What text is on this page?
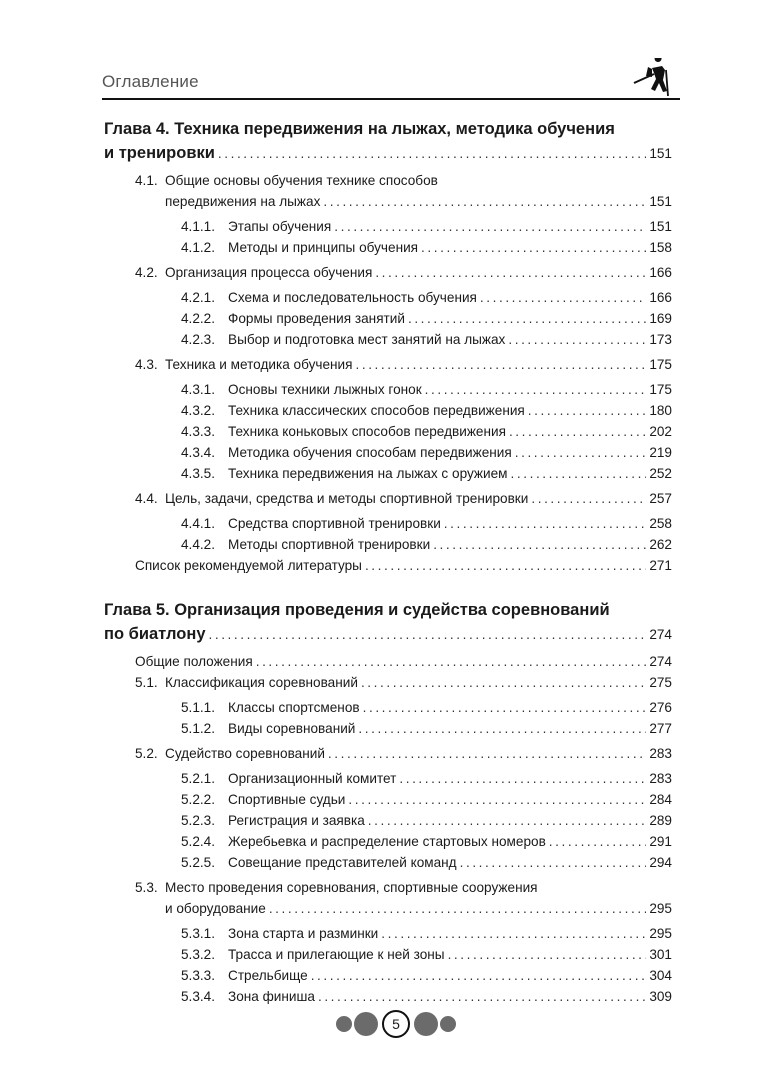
Оглавление
Глава 4. Техника передвижения на лыжах, методика обучения
и тренировки . . .	151
4.1. Общие основы обучения технике способов
передвижения на лыжах . . .	151
4.1.1. Этапы обучения . . .	151
4.1.2. Методы и принципы обучения . . .	158
4.2. Организация процесса обучения . . .	166
4.2.1. Схема и последовательность обучения . . .	166
4.2.2. Формы проведения занятий . . .	169
4.2.3. Выбор и подготовка мест занятий на лыжах . . .	173
4.3. Техника и методика обучения . . .	175
4.3.1. Основы техники лыжных гонок . . .	175
4.3.2. Техника классических способов передвижения . . .	180
4.3.3. Техника коньковых способов передвижения . . .	202
4.3.4. Методика обучения способам передвижения . . .	219
4.3.5. Техника передвижения на лыжах с оружием . . .	252
4.4. Цель, задачи, средства и методы спортивной тренировки . . .	257
4.4.1. Средства спортивной тренировки . . .	258
4.4.2. Методы спортивной тренировки . . .	262
Список рекомендуемой литературы . . .	271
Глава 5. Организация проведения и судейства соревнований
по биатлону . . .	274
Общие положения . . .	274
5.1. Классификация соревнований . . .	275
5.1.1. Классы спортсменов . . .	276
5.1.2. Виды соревнований . . .	277
5.2. Судейство соревнований . . .	283
5.2.1. Организационный комитет . . .	283
5.2.2. Спортивные судьи . . .	284
5.2.3. Регистрация и заявка . . .	289
5.2.4. Жеребьевка и распределение стартовых номеров . . .	291
5.2.5. Совещание представителей команд . . .	294
5.3. Место проведения соревнования, спортивные сооружения
и оборудование . . .	295
5.3.1. Зона старта и разминки . . .	295
5.3.2. Трасса и прилегающие к ней зоны . . .	301
5.3.3. Стрельбище . . .	304
5.3.4. Зона финиша . . .	309
5
